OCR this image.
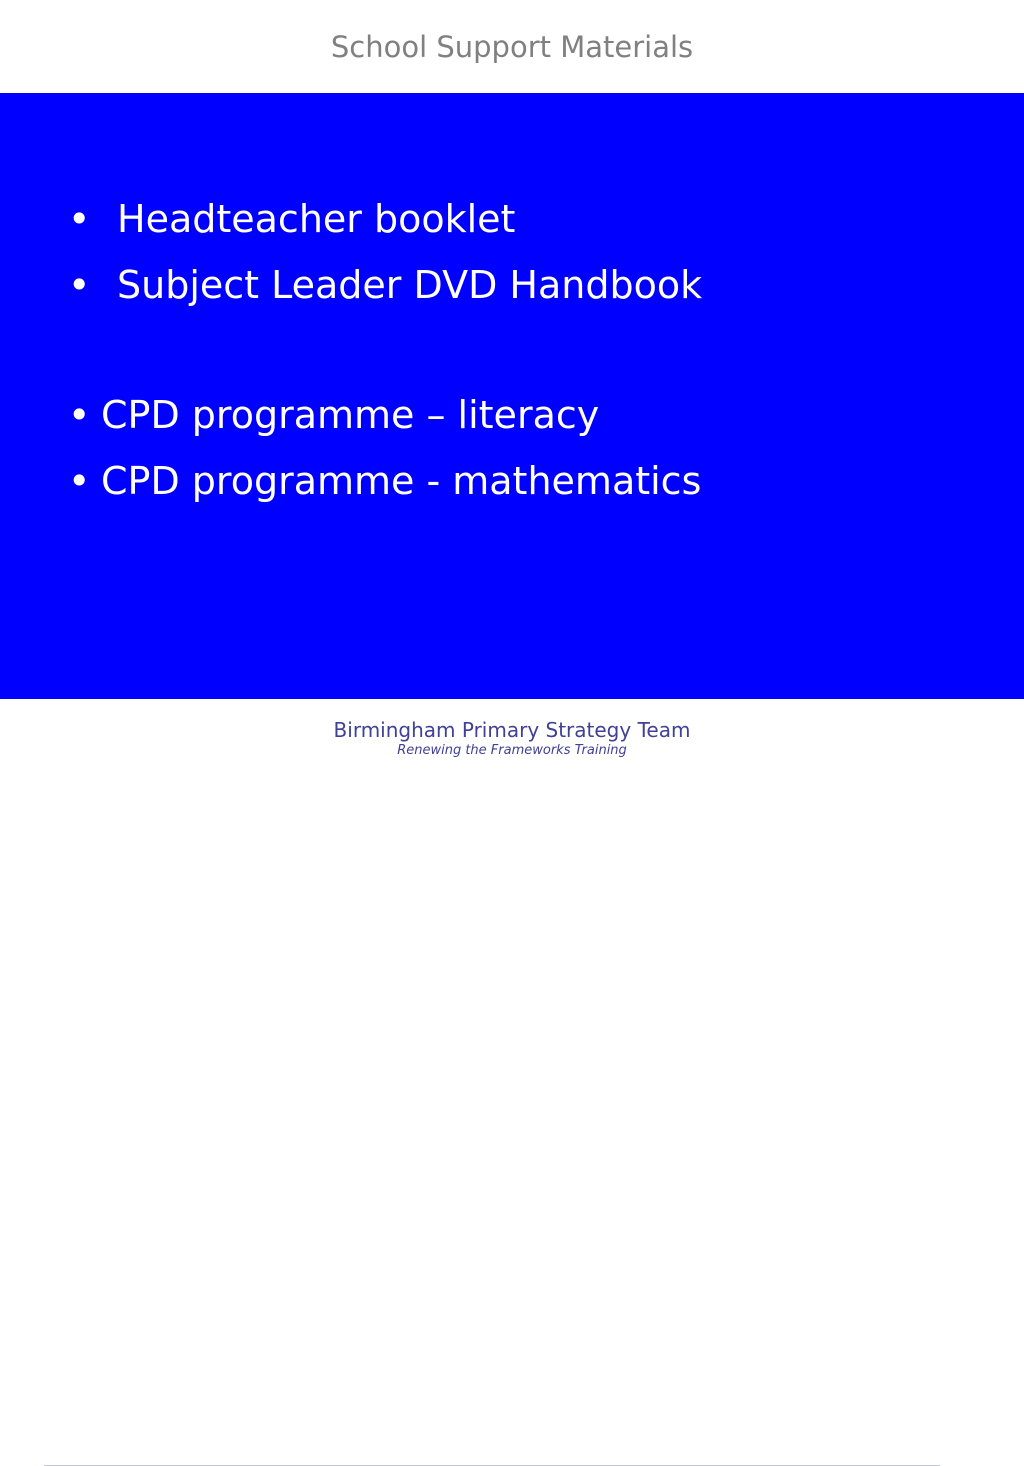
School Support Materials
• Headteacher booklet
• Subject Leader DVD Handbook
• CPD programme – literacy
• CPD programme - mathematics
Birmingham Primary Strategy Team
Renewing the Frameworks Training
